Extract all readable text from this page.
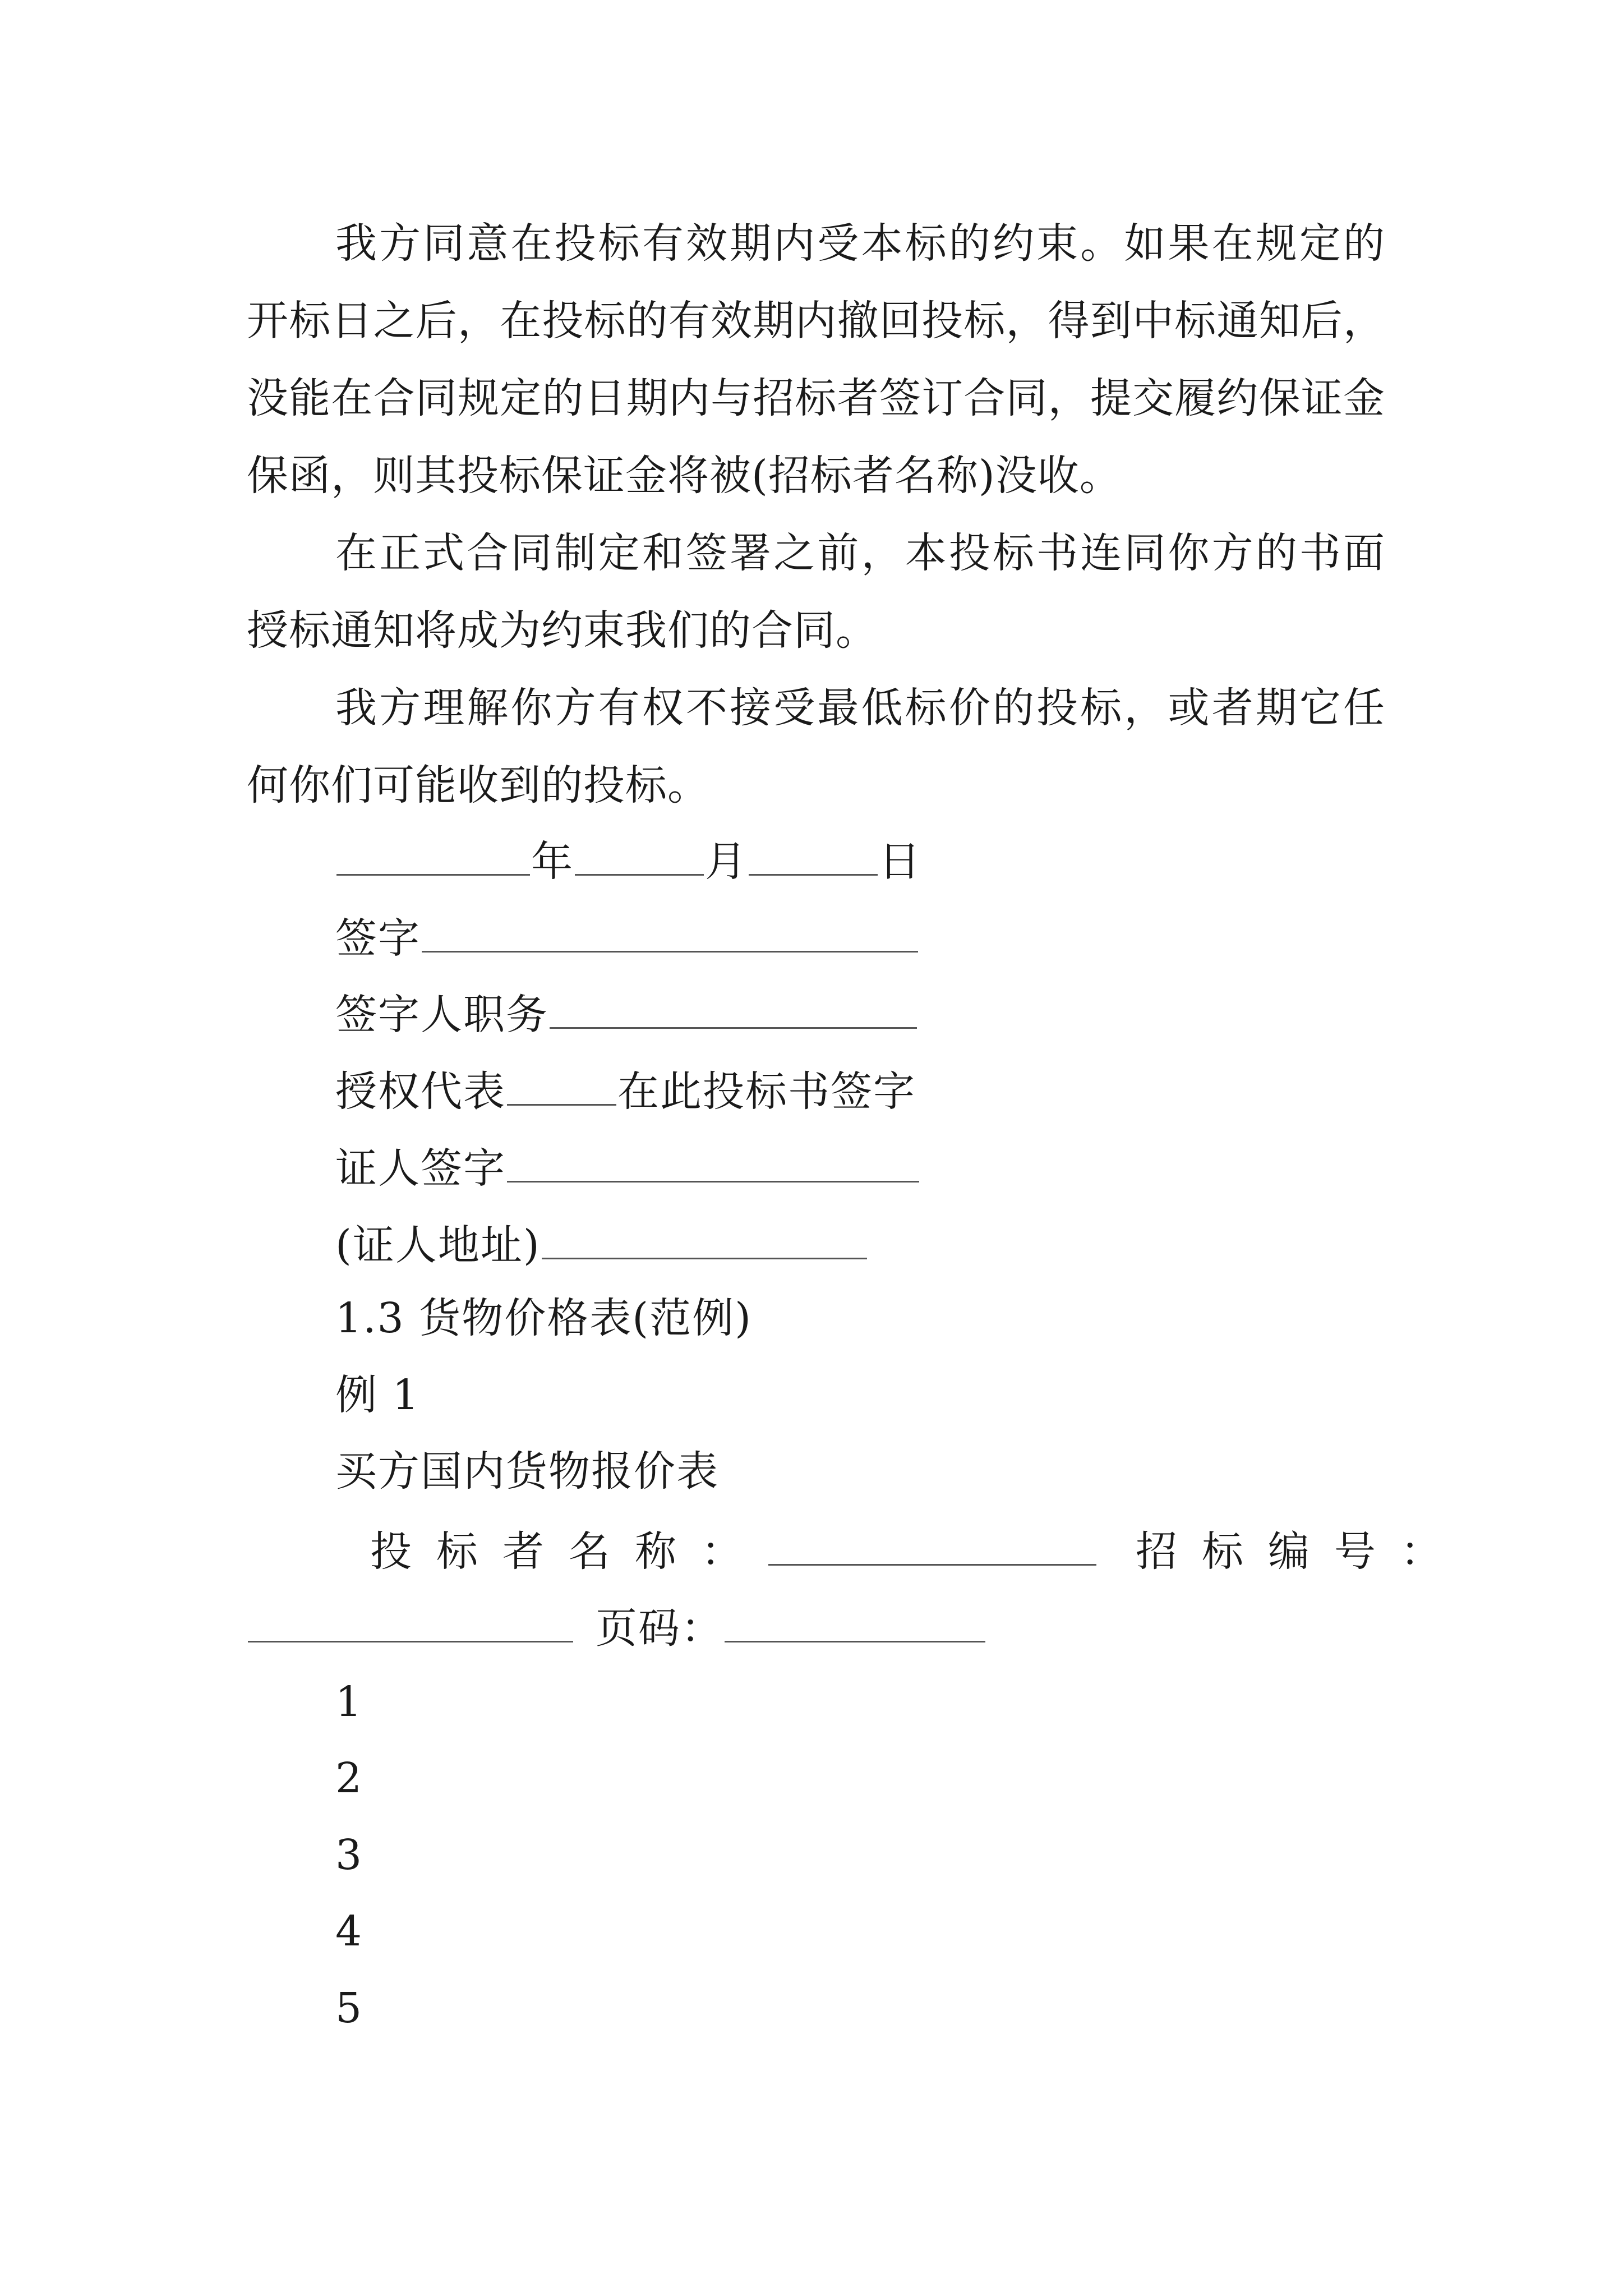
我方同意在投标有效期内受本标的约束。如果在规定的开标日之后，在投标的有效期内撤回投标，得到中标通知后，没能在合同规定的日期内与招标者签订合同，提交履约保证金保函，则其投标保证金将被(招标者名称)没收。

在正式合同制定和签署之前，本投标书连同你方的书面授标通知将成为约束我们的合同。

我方理解你方有权不接受最低标价的投标，或者期它任何你们可能收到的投标。

年	月	日
签字
签字人职务
授权代表	在此投标书签字
证人签字
(证人地址)
1.3 货物价格表(范例)
例 1
买方国内货物报价表
投标者名称：	招标编号：
页码：
1
2
3
4
5
